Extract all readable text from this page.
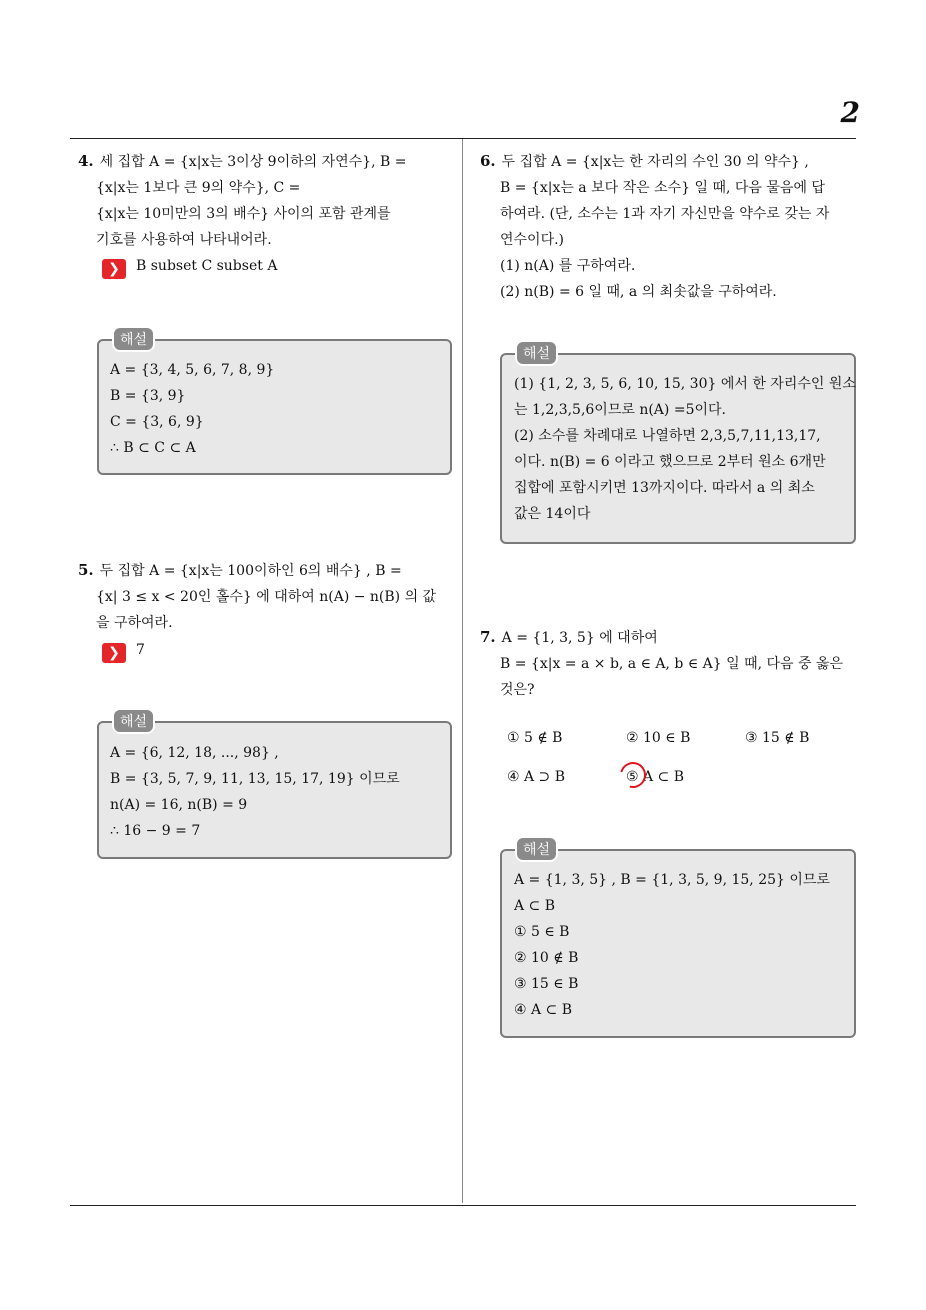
2
4. 세 집합 A = {x|x는 3이상 9이하의 자연수}, B =
{x|x는 1보다 큰 9의 약수}, C =
{x|x는 10미만의 3의 배수} 사이의 포함 관계를
기호를 사용하여 나타내어라.
❯	B subset C subset A
해설
A = {3, 4, 5, 6, 7, 8, 9}
B = {3, 9}
C = {3, 6, 9}
∴ B ⊂ C ⊂ A
5. 두 집합 A = {x|x는 100이하인 6의 배수} , B =
{x| 3 ≤ x < 20인 홀수} 에 대하여 n(A) − n(B) 의 값
을 구하여라.
❯	7
해설
A = {6, 12, 18, ..., 98} ,
B = {3, 5, 7, 9, 11, 13, 15, 17, 19} 이므로
n(A) = 16, n(B) = 9
∴ 16 − 9 = 7
6. 두 집합 A = {x|x는 한 자리의 수인 30 의 약수} ,
B = {x|x는 a 보다 작은 소수} 일 때, 다음 물음에 답
하여라. (단, 소수는 1과 자기 자신만을 약수로 갖는 자
연수이다.)
(1) n(A) 를 구하여라.
(2) n(B) = 6 일 때, a 의 최솟값을 구하여라.
해설
(1) {1, 2, 3, 5, 6, 10, 15, 30} 에서 한 자리수인 원소
는 1,2,3,5,6이므로 n(A) =5이다.
(2) 소수를 차례대로 나열하면 2,3,5,7,11,13,17,
이다. n(B) = 6 이라고 했으므로 2부터 원소 6개만
집합에 포함시키면 13까지이다. 따라서 a 의 최소
값은 14이다
7. A = {1, 3, 5} 에 대하여
B = {x|x = a × b, a ∈ A, b ∈ A} 일 때, 다음 중 옳은
것은?
① 5 ∉ B	② 10 ∈ B	③ 15 ∉ B
④ A ⊃ B	⑤ A ⊂ B
해설
A = {1, 3, 5} , B = {1, 3, 5, 9, 15, 25} 이므로
A ⊂ B
① 5 ∈ B
② 10 ∉ B
③ 15 ∈ B
④ A ⊂ B
